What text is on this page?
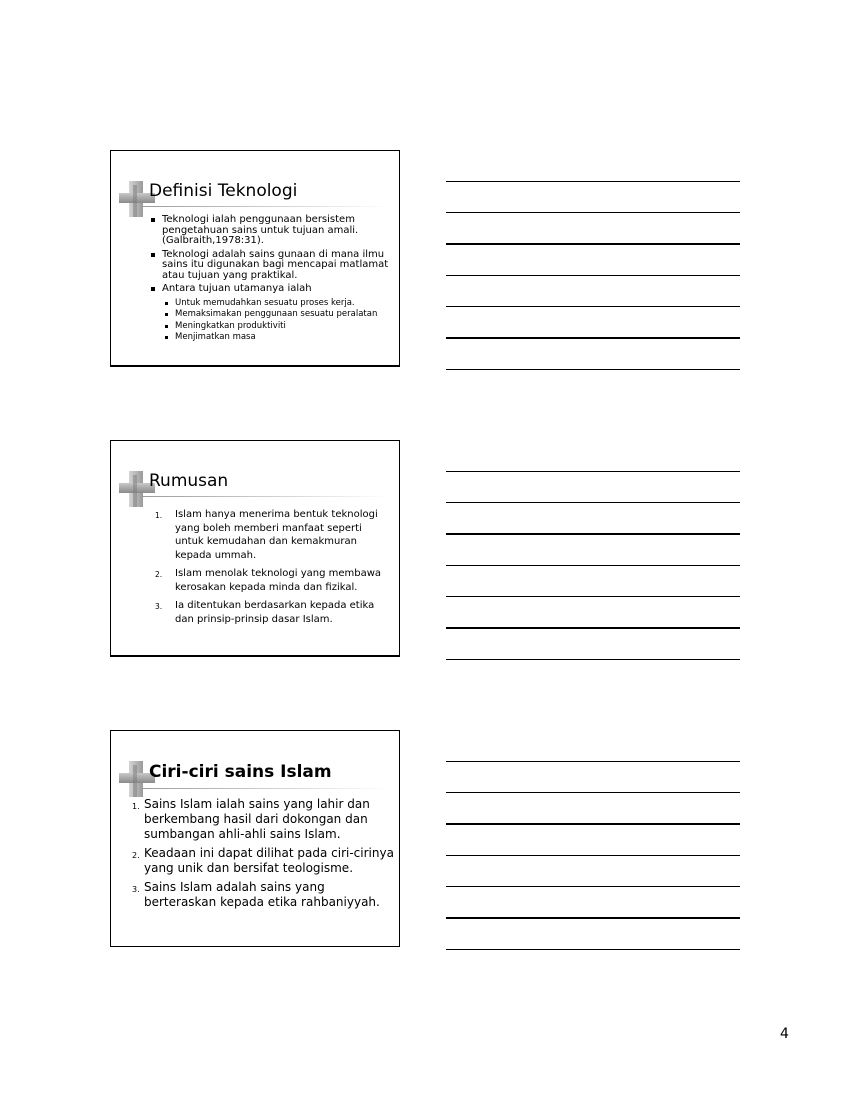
Definisi Teknologi
Teknologi ialah penggunaan bersistem pengetahuan sains untuk tujuan amali.(Galbraith,1978:31).
Teknologi adalah sains gunaan di mana ilmu sains itu digunakan bagi mencapai matlamat atau tujuan yang praktikal.
Antara tujuan utamanya ialah
Untuk memudahkan sesuatu proses kerja.
Memaksimakan penggunaan sesuatu peralatan
Meningkatkan produktiviti
Menjimatkan masa
Rumusan
1. Islam hanya menerima bentuk teknologi yang boleh memberi manfaat seperti untuk kemudahan dan kemakmuran kepada ummah.
2. Islam menolak teknologi yang membawa kerosakan kepada minda dan fizikal.
3. Ia ditentukan berdasarkan kepada etika dan prinsip-prinsip dasar Islam.
Ciri-ciri sains Islam
1. Sains Islam ialah sains yang lahir dan berkembang hasil dari dokongan dan sumbangan ahli-ahli sains Islam.
2. Keadaan ini dapat dilihat pada ciri-cirinya yang unik dan bersifat teologisme.
3. Sains Islam adalah sains yang berteraskan kepada etika rahbaniyyah.
4
